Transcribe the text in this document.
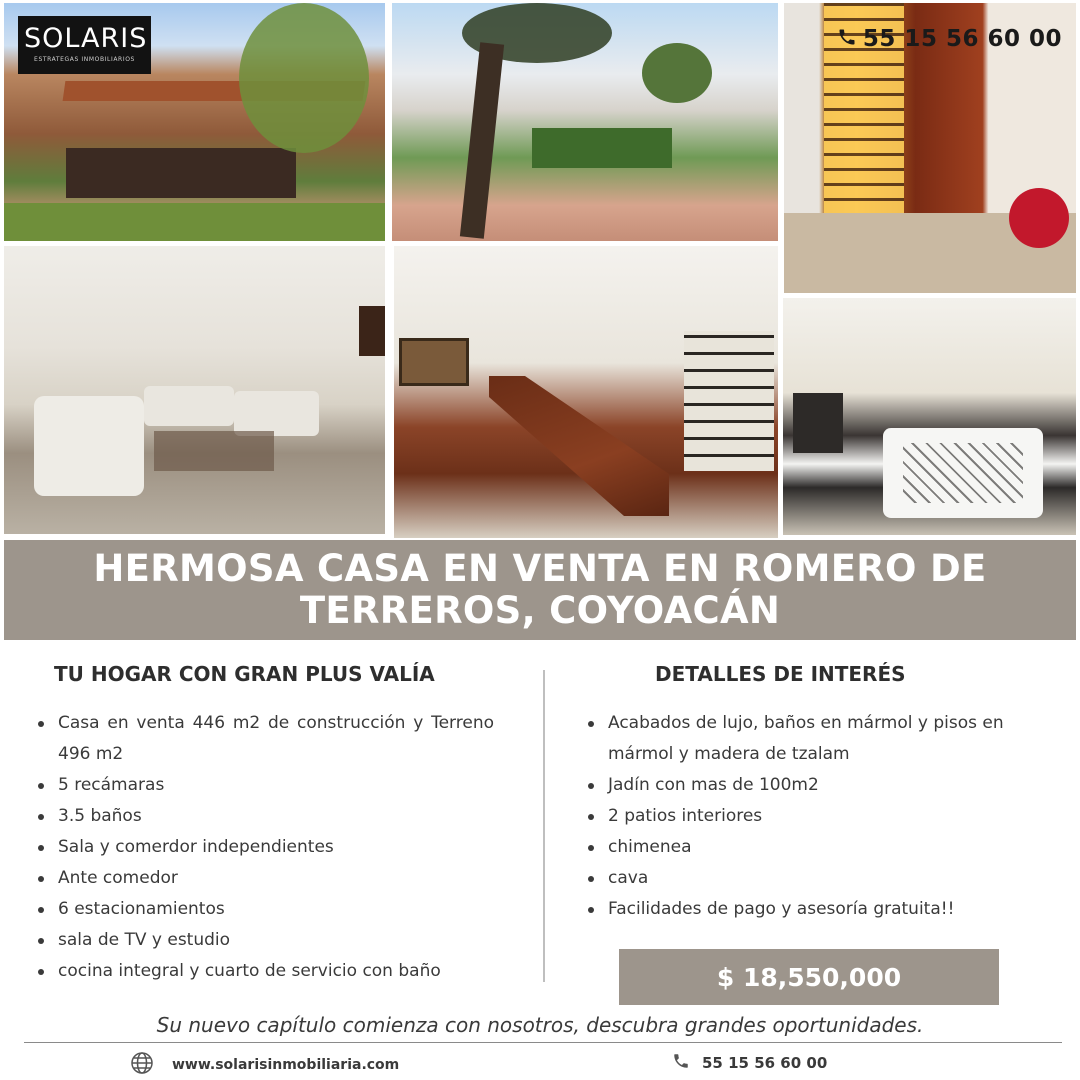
SOLARIS
ESTRATEGAS INMOBILIARIOS
55 15 56 60 00
HERMOSA CASA EN VENTA EN ROMERO DE TERREROS, COYOACÁN
TU HOGAR CON GRAN PLUS VALÍA
Casa en venta 446 m2 de construcción y Terreno 496 m2
5 recámaras
3.5 baños
Sala y comerdor independientes
Ante comedor
6 estacionamientos
sala de TV y estudio
cocina integral y cuarto de servicio con baño
DETALLES DE INTERÉS
Acabados de lujo, baños en mármol y pisos en mármol y madera de tzalam
Jadín con mas de 100m2
2 patios interiores
chimenea
cava
Facilidades de pago y asesoría gratuita!!
$ 18,550,000
Su nuevo capítulo comienza con nosotros, descubra grandes oportunidades.
www.solarisinmobiliaria.com	55 15 56 60 00
